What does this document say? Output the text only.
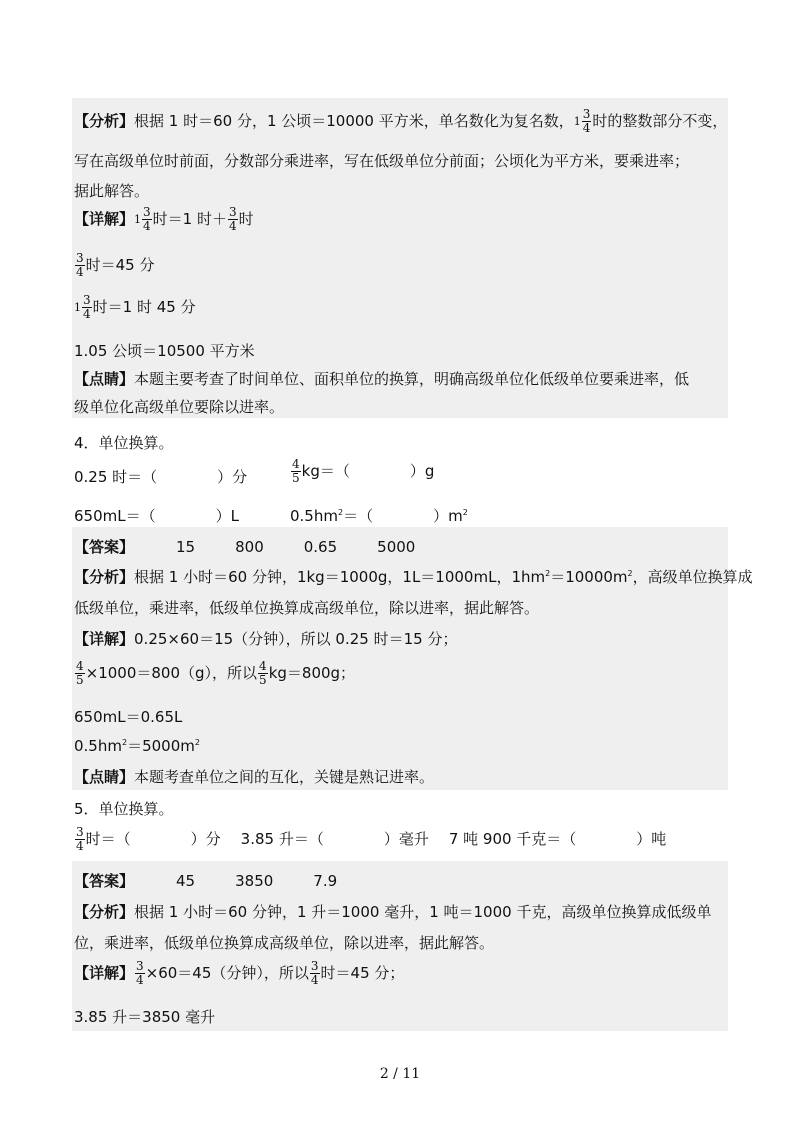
【分析】根据 1 时＝60 分，1 公顷＝10000 平方米，单名数化为复名数，$1 \frac{3}{4}$ 时的整数部分不变，
写在高级单位时前面，分数部分乘进率，写在低级单位分前面；公顷化为平方米，要乘进率；
据此解答。
【详解】$1 \frac{3}{4}$ 时＝1 时＋ $\frac{3}{4}$ 时
$\frac{3}{4}$ 时＝45 分
$1 \frac{3}{4}$ 时＝1 时 45 分
1.05 公顷＝10500 平方米
【点睛】本题主要考查了时间单位、面积单位的换算，明确高级单位化低级单位要乘进率，低
级单位化高级单位要除以进率。
4．单位换算。
0.25 时＝（　　　　）分	$\frac{4}{5} kg=$（　　　　）g
650mL＝（　　　　）L	$0.5hm^2=$（　　　　）$m^2$
【答案】	15	800	0.65	5000
【分析】根据 1 小时＝60 分钟，1kg＝1000g，1L＝1000mL，$1hm^2=10000m^2$，高级单位换算成
低级单位，乘进率，低级单位换算成高级单位，除以进率，据此解答。
【详解】0.25×60＝15（分钟），所以 0.25 时＝15 分；
$\frac{4}{5} \times 1000=800(g)$，所以 $\frac{4}{5} kg=800g$；
650mL＝0.65L
$0.5hm^2=5000m^2$
【点睛】本题考查单位之间的互化，关键是熟记进率。
5．单位换算。
$\frac{3}{4}$ 时＝（　　　　）分 3.85 升＝（　　　　）毫升 7 吨 900 千克＝（　　　　）吨
【答案】	45	3850	7.9
【分析】根据 1 小时＝60 分钟，1 升＝1000 毫升，1 吨＝1000 千克，高级单位换算成低级单
位，乘进率，低级单位换算成高级单位，除以进率，据此解答。
【详解】 $\frac{3}{4} \times 60=45$（分钟），所以 $\frac{3}{4}$ 时＝45 分；
3.85 升＝3850 毫升
2 / 11
